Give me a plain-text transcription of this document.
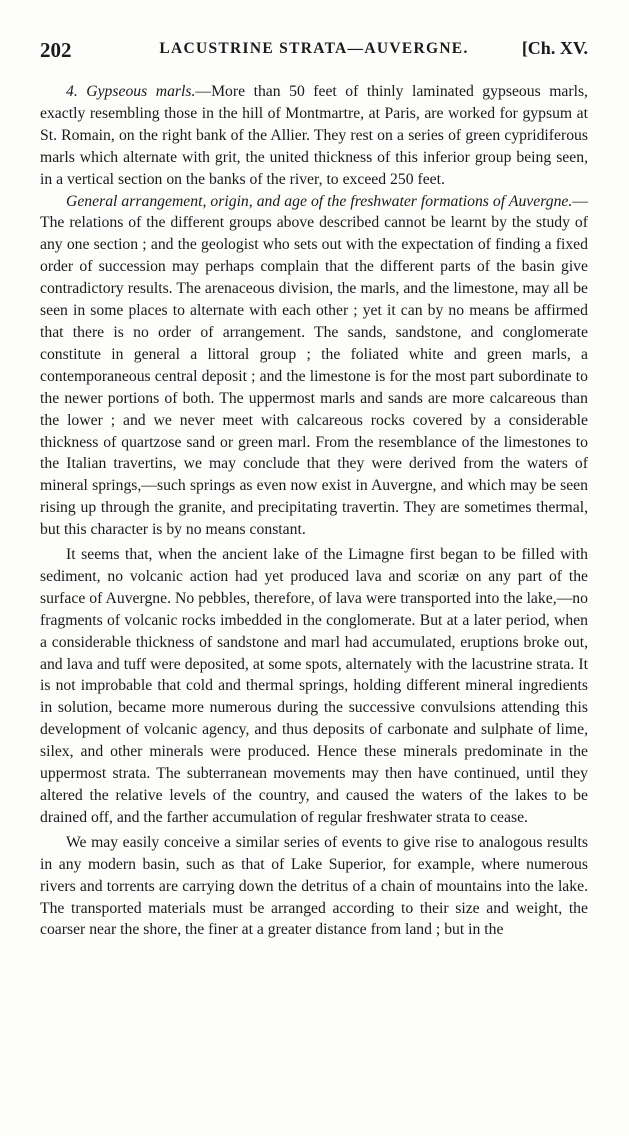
202	LACUSTRINE STRATA—AUVERGNE.	[Ch. XV.

4. Gypseous marls.—More than 50 feet of thinly laminated gypseous marls, exactly resembling those in the hill of Montmartre, at Paris, are worked for gypsum at St. Romain, on the right bank of the Allier. They rest on a series of green cypridiferous marls which alternate with grit, the united thickness of this inferior group being seen, in a vertical section on the banks of the river, to exceed 250 feet.

General arrangement, origin, and age of the freshwater formations of Auvergne.—The relations of the different groups above described cannot be learnt by the study of any one section ; and the geologist who sets out with the expectation of finding a fixed order of succession may perhaps complain that the different parts of the basin give contradictory results. The arenaceous division, the marls, and the limestone, may all be seen in some places to alternate with each other ; yet it can by no means be affirmed that there is no order of arrangement. The sands, sandstone, and conglomerate constitute in general a littoral group ; the foliated white and green marls, a contemporaneous central deposit ; and the limestone is for the most part subordinate to the newer portions of both. The uppermost marls and sands are more calcareous than the lower ; and we never meet with calcareous rocks covered by a considerable thickness of quartzose sand or green marl. From the resemblance of the limestones to the Italian travertins, we may conclude that they were derived from the waters of mineral springs,—such springs as even now exist in Auvergne, and which may be seen rising up through the granite, and precipitating travertin. They are sometimes thermal, but this character is by no means constant.

It seems that, when the ancient lake of the Limagne first began to be filled with sediment, no volcanic action had yet produced lava and scoriæ on any part of the surface of Auvergne. No pebbles, therefore, of lava were transported into the lake,—no fragments of volcanic rocks imbedded in the conglomerate. But at a later period, when a considerable thickness of sandstone and marl had accumulated, eruptions broke out, and lava and tuff were deposited, at some spots, alternately with the lacustrine strata. It is not improbable that cold and thermal springs, holding different mineral ingredients in solution, became more numerous during the successive convulsions attending this development of volcanic agency, and thus deposits of carbonate and sulphate of lime, silex, and other minerals were produced. Hence these minerals predominate in the uppermost strata. The subterranean movements may then have continued, until they altered the relative levels of the country, and caused the waters of the lakes to be drained off, and the farther accumulation of regular freshwater strata to cease.

We may easily conceive a similar series of events to give rise to analogous results in any modern basin, such as that of Lake Superior, for example, where numerous rivers and torrents are carrying down the detritus of a chain of mountains into the lake. The transported materials must be arranged according to their size and weight, the coarser near the shore, the finer at a greater distance from land ; but in the
